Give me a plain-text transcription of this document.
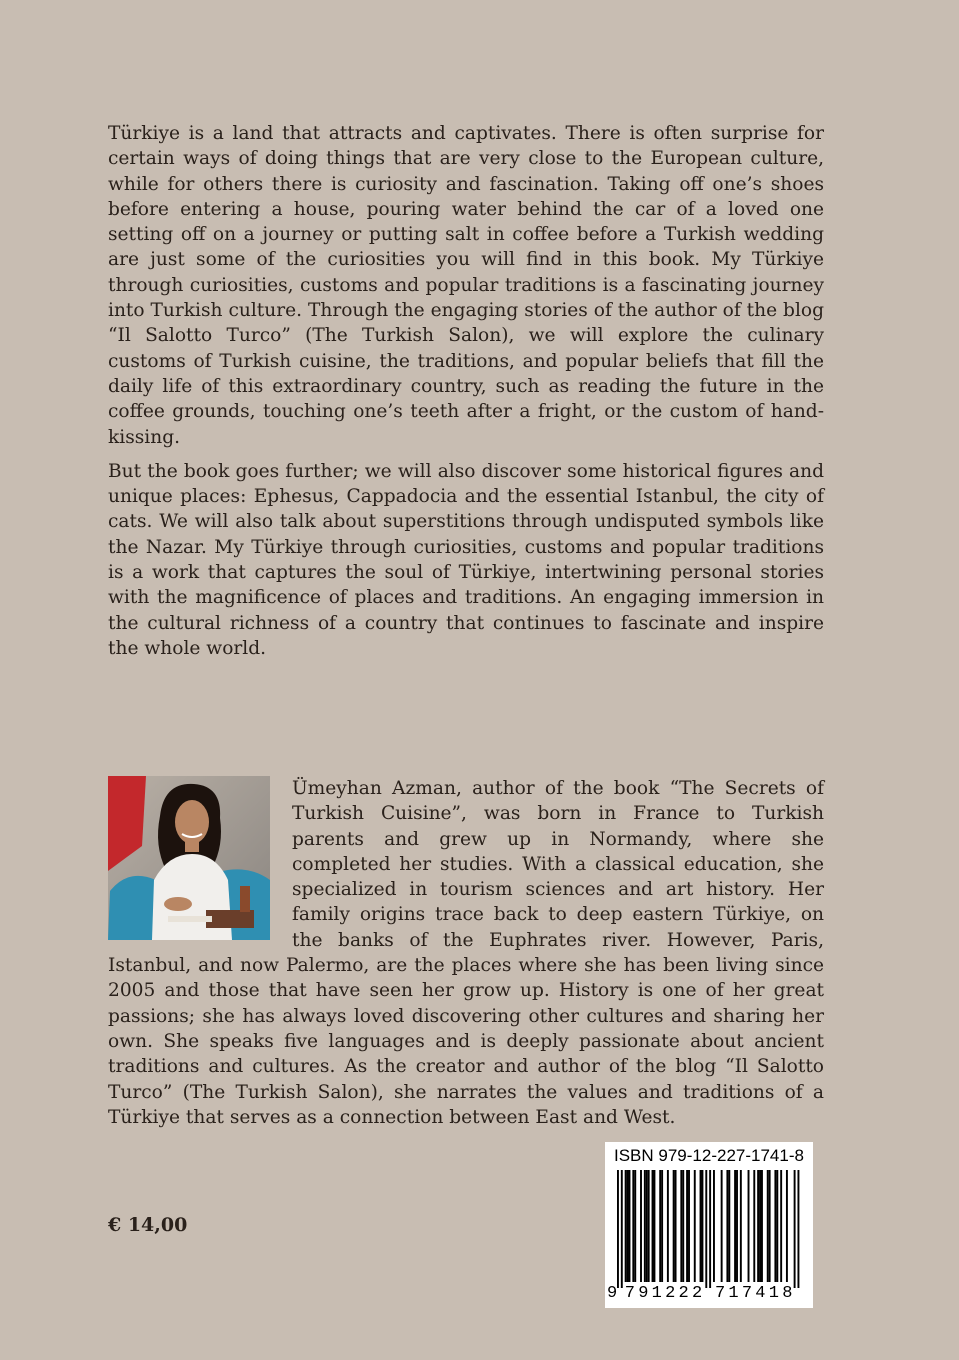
Türkiye is a land that attracts and captivates. There is often surprise for certain ways of doing things that are very close to the European culture, while for others there is curiosity and fascination. Taking off one’s shoes before entering a house, pouring water behind the car of a loved one setting off on a journey or putting salt in coffee before a Turkish wedding are just some of the curiosities you will find in this book. My Türkiye through curiosities, customs and popular traditions is a fascinating journey into Turkish culture. Through the engaging stories of the author of the blog “Il Salotto Turco” (The Turkish Salon), we will explore the culinary customs of Turkish cuisine, the traditions, and popular beliefs that fill the daily life of this extraordinary country, such as reading the future in the coffee grounds, touching one’s teeth after a fright, or the custom of hand-kissing.

But the book goes further; we will also discover some historical figures and unique places: Ephesus, Cappadocia and the essential Istanbul, the city of cats. We will also talk about superstitions through undisputed symbols like the Nazar. My Türkiye through curiosities, customs and popular traditions is a work that captures the soul of Türkiye, intertwining personal stories with the magnificence of places and traditions. An engaging immersion in the cultural richness of a country that continues to fascinate and inspire the whole world.

Ümeyhan Azman, author of the book “The Secrets of Turkish Cuisine”, was born in France to Turkish parents and grew up in Normandy, where she completed her studies. With a classical education, she specialized in tourism sciences and art history. Her family origins trace back to deep eastern Türkiye, on the banks of the Euphrates river. However, Paris, Istanbul, and now Palermo, are the places where she has been living since 2005 and those that have seen her grow up. History is one of her great passions; she has always loved discovering other cultures and sharing her own. She speaks five languages and is deeply passionate about ancient traditions and cultures. As the creator and author of the blog “Il Salotto Turco” (The Turkish Salon), she narrates the values and traditions of a Türkiye that serves as a connection between East and West.

€ 14,00
ISBN 979-12-227-1741-8
9 7 9 1 2 2 2 7 1 7 4 1 8
